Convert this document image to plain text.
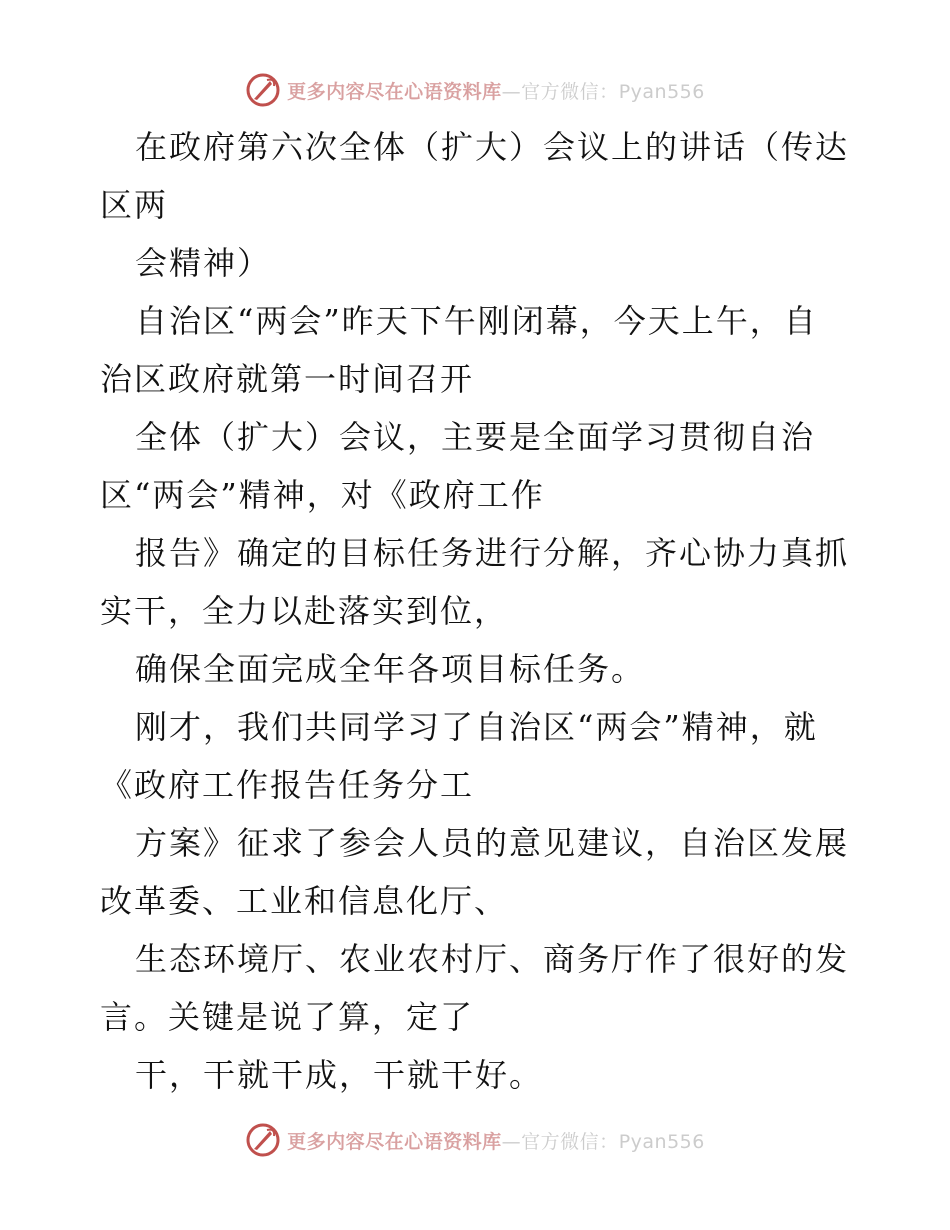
更多内容尽在心语资料库—官方微信：Pyan556
在政府第六次全体（扩大）会议上的讲话（传达
区两
会精神）
自治区“两会”昨天下午刚闭幕，今天上午，自
治区政府就第一时间召开
全体（扩大）会议，主要是全面学习贯彻自治
区“两会”精神，对《政府工作
报告》确定的目标任务进行分解，齐心协力真抓
实干，全力以赴落实到位，
确保全面完成全年各项目标任务。
刚才，我们共同学习了自治区“两会”精神，就
《政府工作报告任务分工
方案》征求了参会人员的意见建议，自治区发展
改革委、工业和信息化厅、
生态环境厅、农业农村厅、商务厅作了很好的发
言。关键是说了算，定了
干，干就干成，干就干好。
更多内容尽在心语资料库—官方微信：Pyan556
